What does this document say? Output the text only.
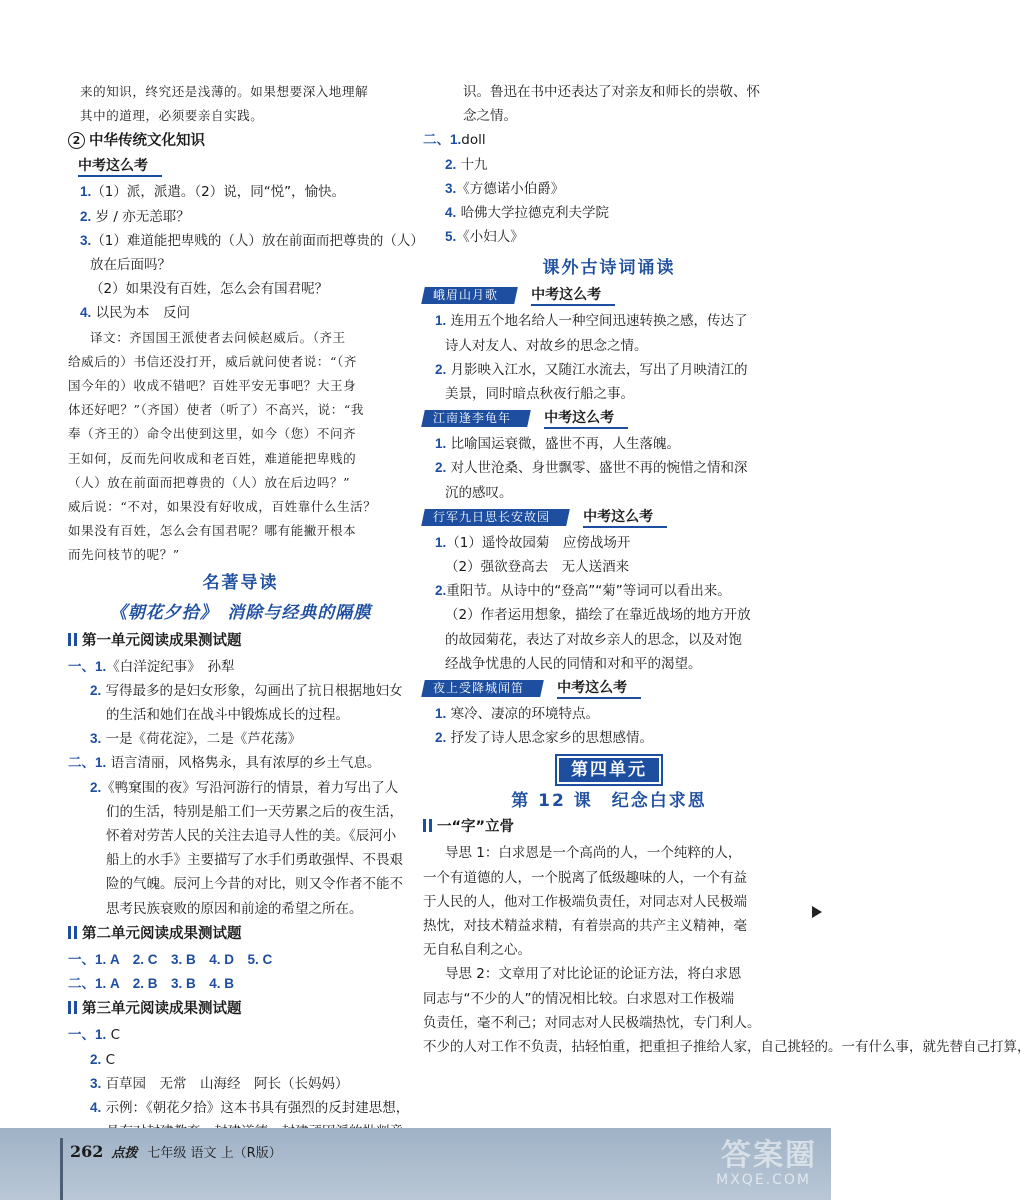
来的知识，终究还是浅薄的。如果想要深入地理解
其中的道理，必须要亲自实践。
2 中华传统文化知识
中考这么考
1.（1）派，派遣。（2）说，同“悦”，愉快。
2. 岁 / 亦无恙耶？
3.（1）难道能把卑贱的（人）放在前面而把尊贵的（人）
放在后面吗？
（2）如果没有百姓，怎么会有国君呢？
4. 以民为本　反问
译文：齐国国王派使者去问候赵威后。（齐王
给威后的）书信还没打开，威后就问使者说：“（齐
国今年的）收成不错吧？百姓平安无事吧？大王身
体还好吧？”（齐国）使者（听了）不高兴，说：“我
奉（齐王的）命令出使到这里，如今（您）不问齐
王如何，反而先问收成和老百姓，难道能把卑贱的
（人）放在前面而把尊贵的（人）放在后边吗？”
威后说：“不对，如果没有好收成，百姓靠什么生活？
如果没有百姓，怎么会有国君呢？哪有能撇开根本
而先问枝节的呢？”
名著导读
《朝花夕拾》　消除与经典的隔膜
第一单元阅读成果测试题
一、1.《白洋淀纪事》　孙犁
2. 写得最多的是妇女形象，勾画出了抗日根据地妇女
的生活和她们在战斗中锻炼成长的过程。
3. 一是《荷花淀》，二是《芦花荡》
二、1. 语言清丽，风格隽永，具有浓厚的乡土气息。
2.《鸭窠围的夜》写沿河游行的情景，着力写出了人
们的生活，特别是船工们一天劳累之后的夜生活，
怀着对劳苦人民的关注去追寻人性的美。《辰河小
船上的水手》主要描写了水手们勇敢强悍、不畏艰
险的气魄。辰河上今昔的对比，则又令作者不能不
思考民族衰败的原因和前途的希望之所在。
第二单元阅读成果测试题
一、1. A　2. C　3. B　4. D　5. C
二、1. A　2. B　3. B　4. B
第三单元阅读成果测试题
一、1. C
2. C
3. 百草园　无常　山海经　阿长（长妈妈）
4. 示例：《朝花夕拾》这本书具有强烈的反封建思想，
识。鲁迅在书中还表达了对亲友和师长的崇敬、怀
念之情。
二、1.doll
2. 十九
3.《方德诺小伯爵》
4. 哈佛大学拉德克利夫学院
5.《小妇人》
课外古诗词诵读
峨眉山月歌 中考这么考
1. 连用五个地名给人一种空间迅速转换之感，传达了
诗人对友人、对故乡的思念之情。
2. 月影映入江水，又随江水流去，写出了月映清江的
美景，同时暗点秋夜行船之事。
江南逢李龟年 中考这么考
1. 比喻国运衰微，盛世不再，人生落魄。
2. 对人世沧桑、身世飘零、盛世不再的惋惜之情和深
沉的感叹。
行军九日思长安故园 中考这么考
1.（1）遥怜故园菊　应傍战场开
（2）强欲登高去　无人送酒来
2.重阳节。从诗中的“登高”“菊”等词可以看出来。
（2）作者运用想象，描绘了在靠近战场的地方开放
的故园菊花，表达了对故乡亲人的思念，以及对饱
经战争忧患的人民的同情和对和平的渴望。
夜上受降城闻笛 中考这么考
1. 寒冷、凄凉的环境特点。
2. 抒发了诗人思念家乡的思想感情。
第四单元
第 12 课　纪念白求恩
一“字”立骨
导思 1：白求恩是一个高尚的人，一个纯粹的人，
一个有道德的人，一个脱离了低级趣味的人，一个有益
于人民的人，他对工作极端负责任，对同志对人民极端
热忱，对技术精益求精，有着崇高的共产主义精神，毫
无自私自利之心。
导思 2：文章用了对比论证的论证方法，将白求恩
同志与“不少的人”的情况相比较。白求恩对工作极端
负责任，毫不利己；对同志对人民极端热忱，专门利人。
不少的人对工作不负责，拈轻怕重，把重担子推给人家，自己挑轻的。一有什么事，就先替自己打算，
262 点拨 七年级 语文 上（R版）	答案圈
MXQE.COM
